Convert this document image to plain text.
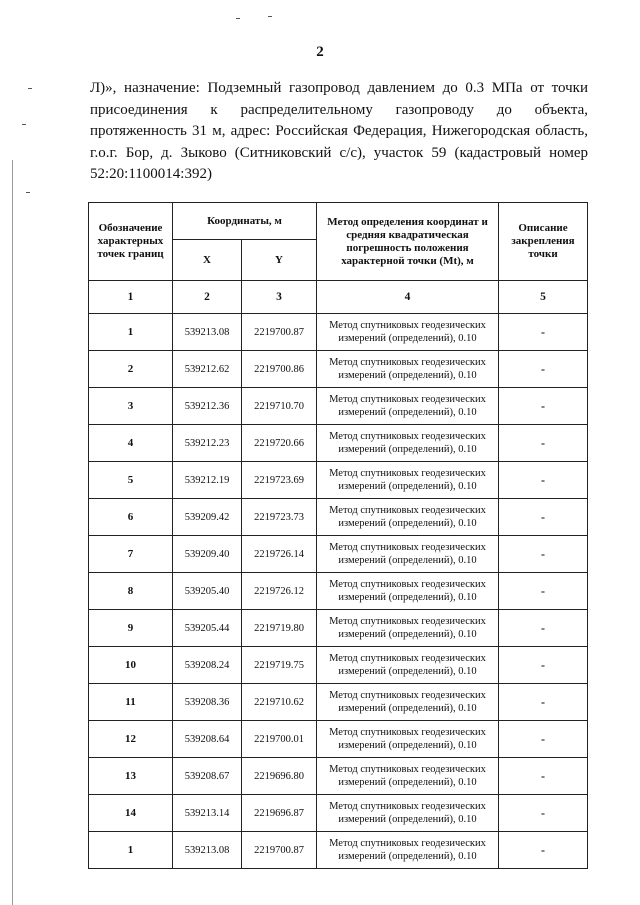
2
Л)», назначение: Подземный газопровод давлением до 0.3 МПа от точки
присоединения к распределительному газопроводу до объекта,
протяженность 31 м, адрес: Российская Федерация, Нижегородская область,
г.о.г. Бор, д. Зыково (Ситниковский с/с), участок 59 (кадастровый номер
52:20:1100014:392)
Обозначение характерных точек границ	Координаты, м		Метод определения координат и средняя квадратическая погрешность положения характерной точки (Mt), м	Описание закрепления точки
	X	Y		
1	2	3	4	5
1	539213.08	2219700.87	Метод спутниковых геодезических измерений (определений), 0.10	-
2	539212.62	2219700.86	Метод спутниковых геодезических измерений (определений), 0.10	-
3	539212.36	2219710.70	Метод спутниковых геодезических измерений (определений), 0.10	-
4	539212.23	2219720.66	Метод спутниковых геодезических измерений (определений), 0.10	-
5	539212.19	2219723.69	Метод спутниковых геодезических измерений (определений), 0.10	-
6	539209.42	2219723.73	Метод спутниковых геодезических измерений (определений), 0.10	-
7	539209.40	2219726.14	Метод спутниковых геодезических измерений (определений), 0.10	-
8	539205.40	2219726.12	Метод спутниковых геодезических измерений (определений), 0.10	-
9	539205.44	2219719.80	Метод спутниковых геодезических измерений (определений), 0.10	-
10	539208.24	2219719.75	Метод спутниковых геодезических измерений (определений), 0.10	-
11	539208.36	2219710.62	Метод спутниковых геодезических измерений (определений), 0.10	-
12	539208.64	2219700.01	Метод спутниковых геодезических измерений (определений), 0.10	-
13	539208.67	2219696.80	Метод спутниковых геодезических измерений (определений), 0.10	-
14	539213.14	2219696.87	Метод спутниковых геодезических измерений (определений), 0.10	-
1	539213.08	2219700.87	Метод спутниковых геодезических измерений (определений), 0.10	-
